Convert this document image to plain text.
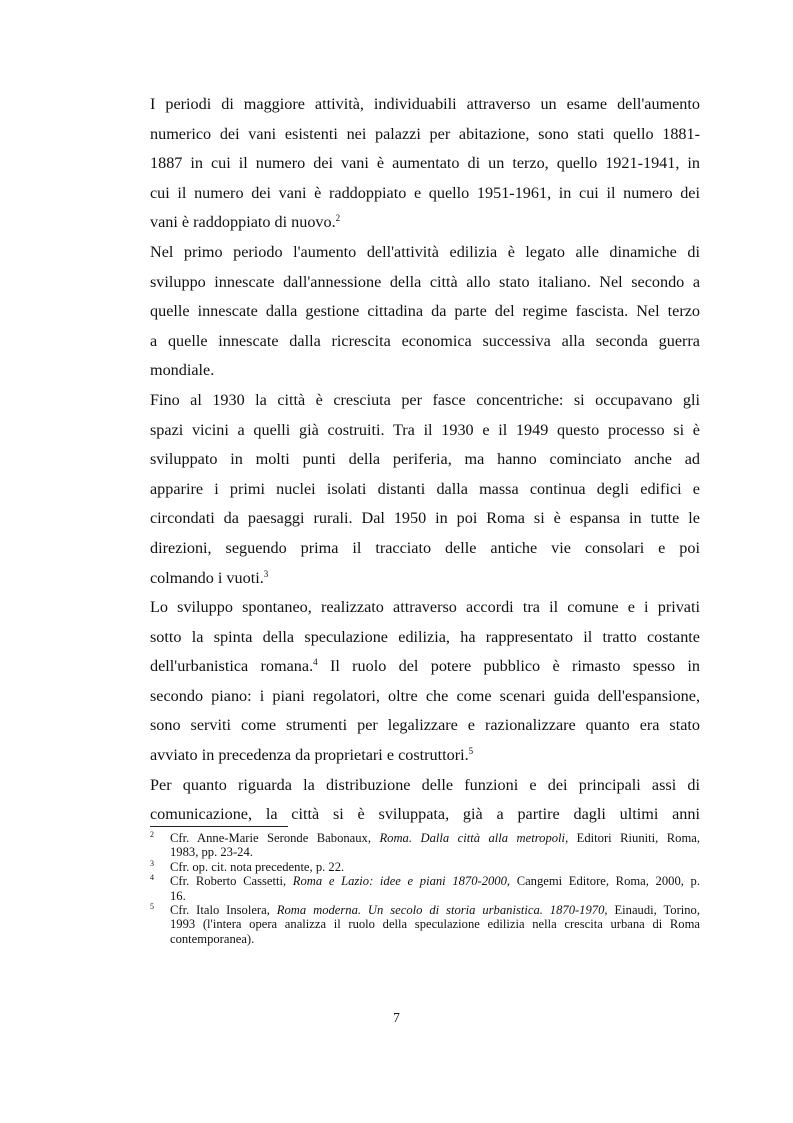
I periodi di maggiore attività, individuabili attraverso un esame dell'aumento
numerico dei vani esistenti nei palazzi per abitazione, sono stati quello 1881-
1887 in cui il numero dei vani è aumentato di un terzo, quello 1921-1941, in
cui il numero dei vani è raddoppiato e quello 1951-1961, in cui il numero dei
vani è raddoppiato di nuovo.$^2$
Nel primo periodo l'aumento dell'attività edilizia è legato alle dinamiche di
sviluppo innescate dall'annessione della città allo stato italiano. Nel secondo a
quelle innescate dalla gestione cittadina da parte del regime fascista. Nel terzo
a quelle innescate dalla ricrescita economica successiva alla seconda guerra
mondiale.
Fino al 1930 la città è cresciuta per fasce concentriche: si occupavano gli
spazi vicini a quelli già costruiti. Tra il 1930 e il 1949 questo processo si è
sviluppato in molti punti della periferia, ma hanno cominciato anche ad
apparire i primi nuclei isolati distanti dalla massa continua degli edifici e
circondati da paesaggi rurali. Dal 1950 in poi Roma si è espansa in tutte le
direzioni, seguendo prima il tracciato delle antiche vie consolari e poi
colmando i vuoti.$^3$
Lo sviluppo spontaneo, realizzato attraverso accordi tra il comune e i privati
sotto la spinta della speculazione edilizia, ha rappresentato il tratto costante
dell'urbanistica romana.$^4$ Il ruolo del potere pubblico è rimasto spesso in
secondo piano: i piani regolatori, oltre che come scenari guida dell'espansione,
sono serviti come strumenti per legalizzare e razionalizzare quanto era stato
avviato in precedenza da proprietari e costruttori.$^5$
Per quanto riguarda la distribuzione delle funzioni e dei principali assi di
comunicazione, la città si è sviluppata, già a partire dagli ultimi anni
2 Cfr. Anne-Marie Seronde Babonaux, Roma. Dalla città alla metropoli, Editori Riuniti, Roma,
1983, pp. 23-24.
3 Cfr. op. cit. nota precedente, p. 22.
4 Cfr. Roberto Cassetti, Roma e Lazio: idee e piani 1870-2000, Cangemi Editore, Roma, 2000, p.
16.
5 Cfr. Italo Insolera, Roma moderna. Un secolo di storia urbanistica. 1870-1970, Einaudi, Torino,
1993 (l'intera opera analizza il ruolo della speculazione edilizia nella crescita urbana di Roma
contemporanea).
7
